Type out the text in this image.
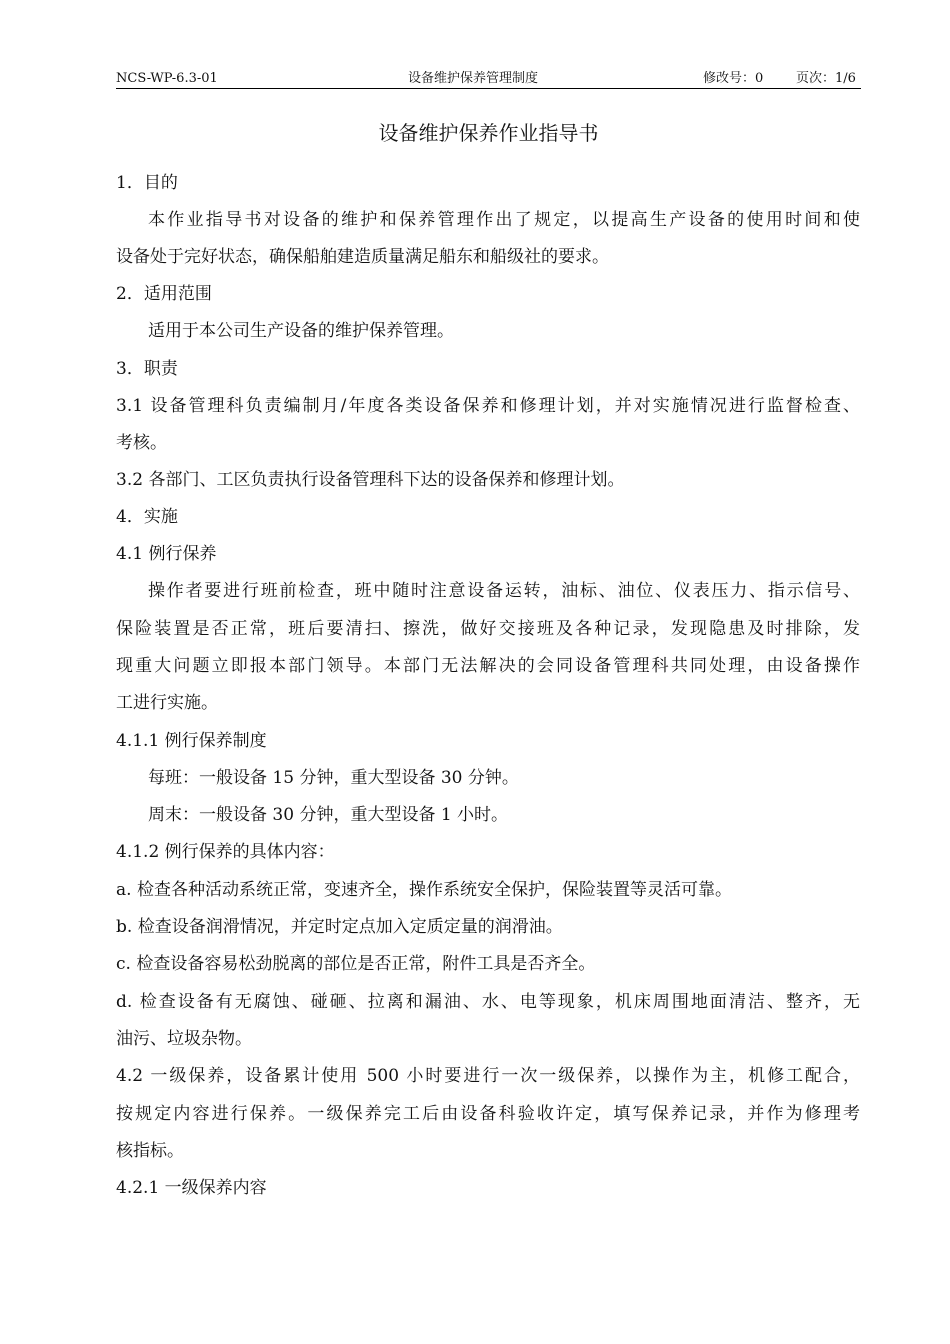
NCS-WP-6.3-01	设备维护保养管理制度	修改号：0	页次：1/6
设备维护保养作业指导书
1．目的
本作业指导书对设备的维护和保养管理作出了规定，以提高生产设备的使用时间和使
设备处于完好状态，确保船舶建造质量满足船东和船级社的要求。
2．适用范围
适用于本公司生产设备的维护保养管理。
3．职责
3.1 设备管理科负责编制月/年度各类设备保养和修理计划，并对实施情况进行监督检查、
考核。
3.2 各部门、工区负责执行设备管理科下达的设备保养和修理计划。
4．实施
4.1 例行保养
操作者要进行班前检查，班中随时注意设备运转，油标、油位、仪表压力、指示信号、
保险装置是否正常，班后要清扫、擦洗，做好交接班及各种记录，发现隐患及时排除，发
现重大问题立即报本部门领导。本部门无法解决的会同设备管理科共同处理，由设备操作
工进行实施。
4.1.1 例行保养制度
每班：一般设备 15 分钟，重大型设备 30 分钟。
周末：一般设备 30 分钟，重大型设备 1 小时。
4.1.2 例行保养的具体内容：
a. 检查各种活动系统正常，变速齐全，操作系统安全保护，保险装置等灵活可靠。
b. 检查设备润滑情况，并定时定点加入定质定量的润滑油。
c. 检查设备容易松劲脱离的部位是否正常，附件工具是否齐全。
d. 检查设备有无腐蚀、碰砸、拉离和漏油、水、电等现象，机床周围地面清洁、整齐，无
油污、垃圾杂物。
4.2 一级保养，设备累计使用 500 小时要进行一次一级保养，以操作为主，机修工配合，
按规定内容进行保养。一级保养完工后由设备科验收许定，填写保养记录，并作为修理考
核指标。
4.2.1 一级保养内容
